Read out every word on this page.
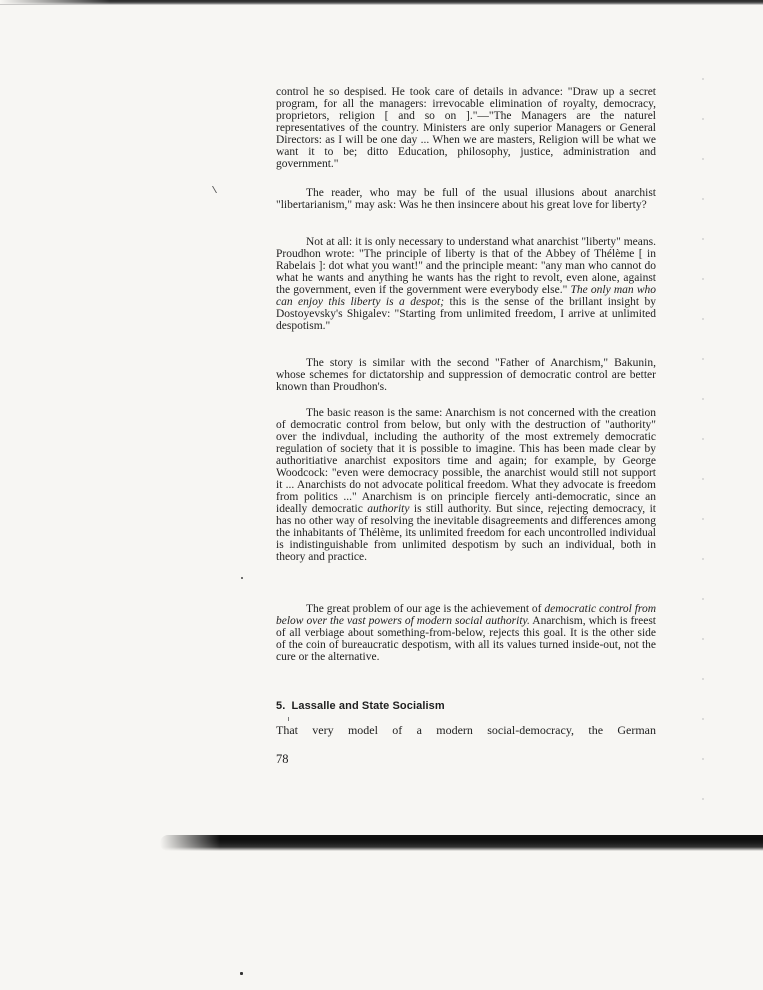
control he so despised. He took care of details in advance: "Draw up a secret program, for all the managers: irrevocable elimination of royalty, democracy, proprietors, religion [ and so on ]."—"The Managers are the naturel representatives of the country. Ministers are only superior Managers or General Directors: as I will be one day ... When we are masters, Religion will be what we want it to be; ditto Education, philosophy, justice, administration and government."

The reader, who may be full of the usual illusions about anarchist "libertarianism," may ask: Was he then insincere about his great love for liberty?

Not at all: it is only necessary to understand what anarchist "liberty" means. Proudhon wrote: "The principle of liberty is that of the Abbey of Thélème [ in Rabelais ]: dot what you want!" and the principle meant: "any man who cannot do what he wants and anything he wants has the right to revolt, even alone, against the government, even if the government were everybody else." The only man who can enjoy this liberty is a despot; this is the sense of the brillant insight by Dostoyevsky's Shigalev: "Starting from unlimited freedom, I arrive at unlimited despotism."

The story is similar with the second "Father of Anarchism," Bakunin, whose schemes for dictatorship and suppression of democratic control are better known than Proudhon's.

The basic reason is the same: Anarchism is not concerned with the creation of democratic control from below, but only with the destruction of "authority" over the indivdual, including the authority of the most extremely democratic regulation of society that it is possible to imagine. This has been made clear by authoritiative anarchist expositors time and again; for example, by George Woodcock: "even were democracy possible, the anarchist would still not support it ... Anarchists do not advocate political freedom. What they advocate is freedom from politics ..." Anarchism is on principle fiercely anti-democratic, since an ideally democratic authority is still authority. But since, rejecting democracy, it has no other way of resolving the inevitable disagreements and differences among the inhabitants of Thélème, its unlimited freedom for each uncontrolled individual is indistinguishable from unlimited despotism by such an individual, both in theory and practice.

The great problem of our age is the achievement of democratic control from below over the vast powers of modern social authority. Anarchism, which is freest of all verbiage about something-from-below, rejects this goal. It is the other side of the coin of bureaucratic despotism, with all its values turned inside-out, not the cure or the alternative.

5. Lassalle and State Socialism
That very model of a modern social-democracy, the German
78
